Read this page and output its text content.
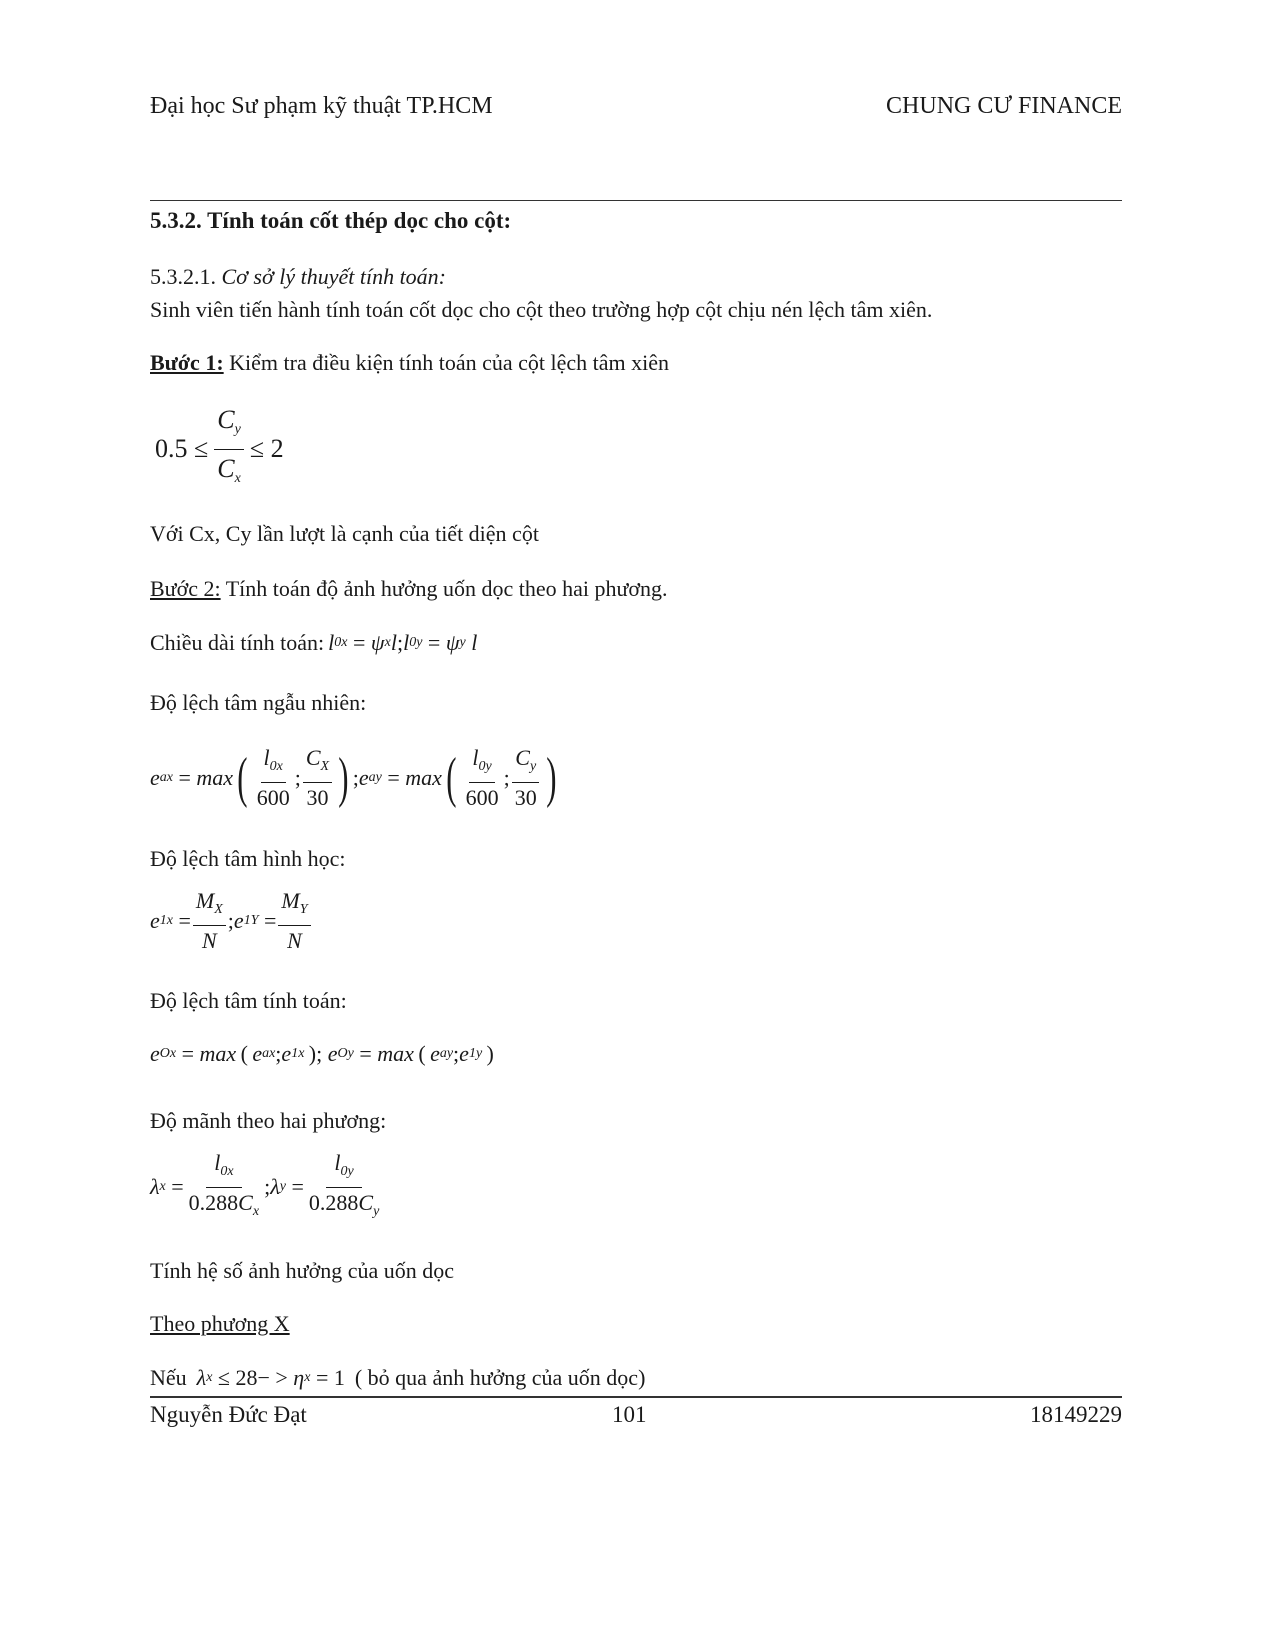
Đại học Sư phạm kỹ thuật TP.HCM	CHUNG CƯ FINANCE
5.3.2. Tính toán cốt thép dọc cho cột:
5.3.2.1. Cơ sở lý thuyết tính toán:
Sinh viên tiến hành tính toán cốt dọc cho cột theo trường hợp cột chịu nén lệch tâm xiên.
Bước 1: Kiểm tra điều kiện tính toán của cột lệch tâm xiên
$0.5 \le \frac{C_y}{C_x} \le 2$
Với Cx, Cy lần lượt là cạnh của tiết diện cột
Bước 2: Tính toán độ ảnh hưởng uốn dọc theo hai phương.
Chiều dài tính toán: l 0x = ψ x l ; l 0y = ψ y l
Độ lệch tâm ngẫu nhiên:
e ax = max ( $\frac{l_{0x}}{600}$ ; $\frac{C_X}{30}$ ) ; e ay = max ( $\frac{l_{0y}}{600}$ ; $\frac{C_y}{30}$ )
Độ lệch tâm hình học:
e $1x = \frac{M_X}{N}$ ; e $1Y = \frac{M_Y}{N}$
Độ lệch tâm tính toán:
e Ox = max  (  e ax ; e 1x  ); e Oy = max  (  e ay ; e 1y  )
Độ mãnh theo hai phương:
λ $x = \frac{l_{0x}}{0.288C_x}$ ; λ $y = \frac{l_{0y}}{0.288C_y}$
Tính hệ số ảnh hưởng của uốn dọc
Theo phương X
Nếu λ x ≤ 28− > η x = 1 ( bỏ qua ảnh hưởng của uốn dọc)
Nguyễn Đức Đạt	101	18149229
